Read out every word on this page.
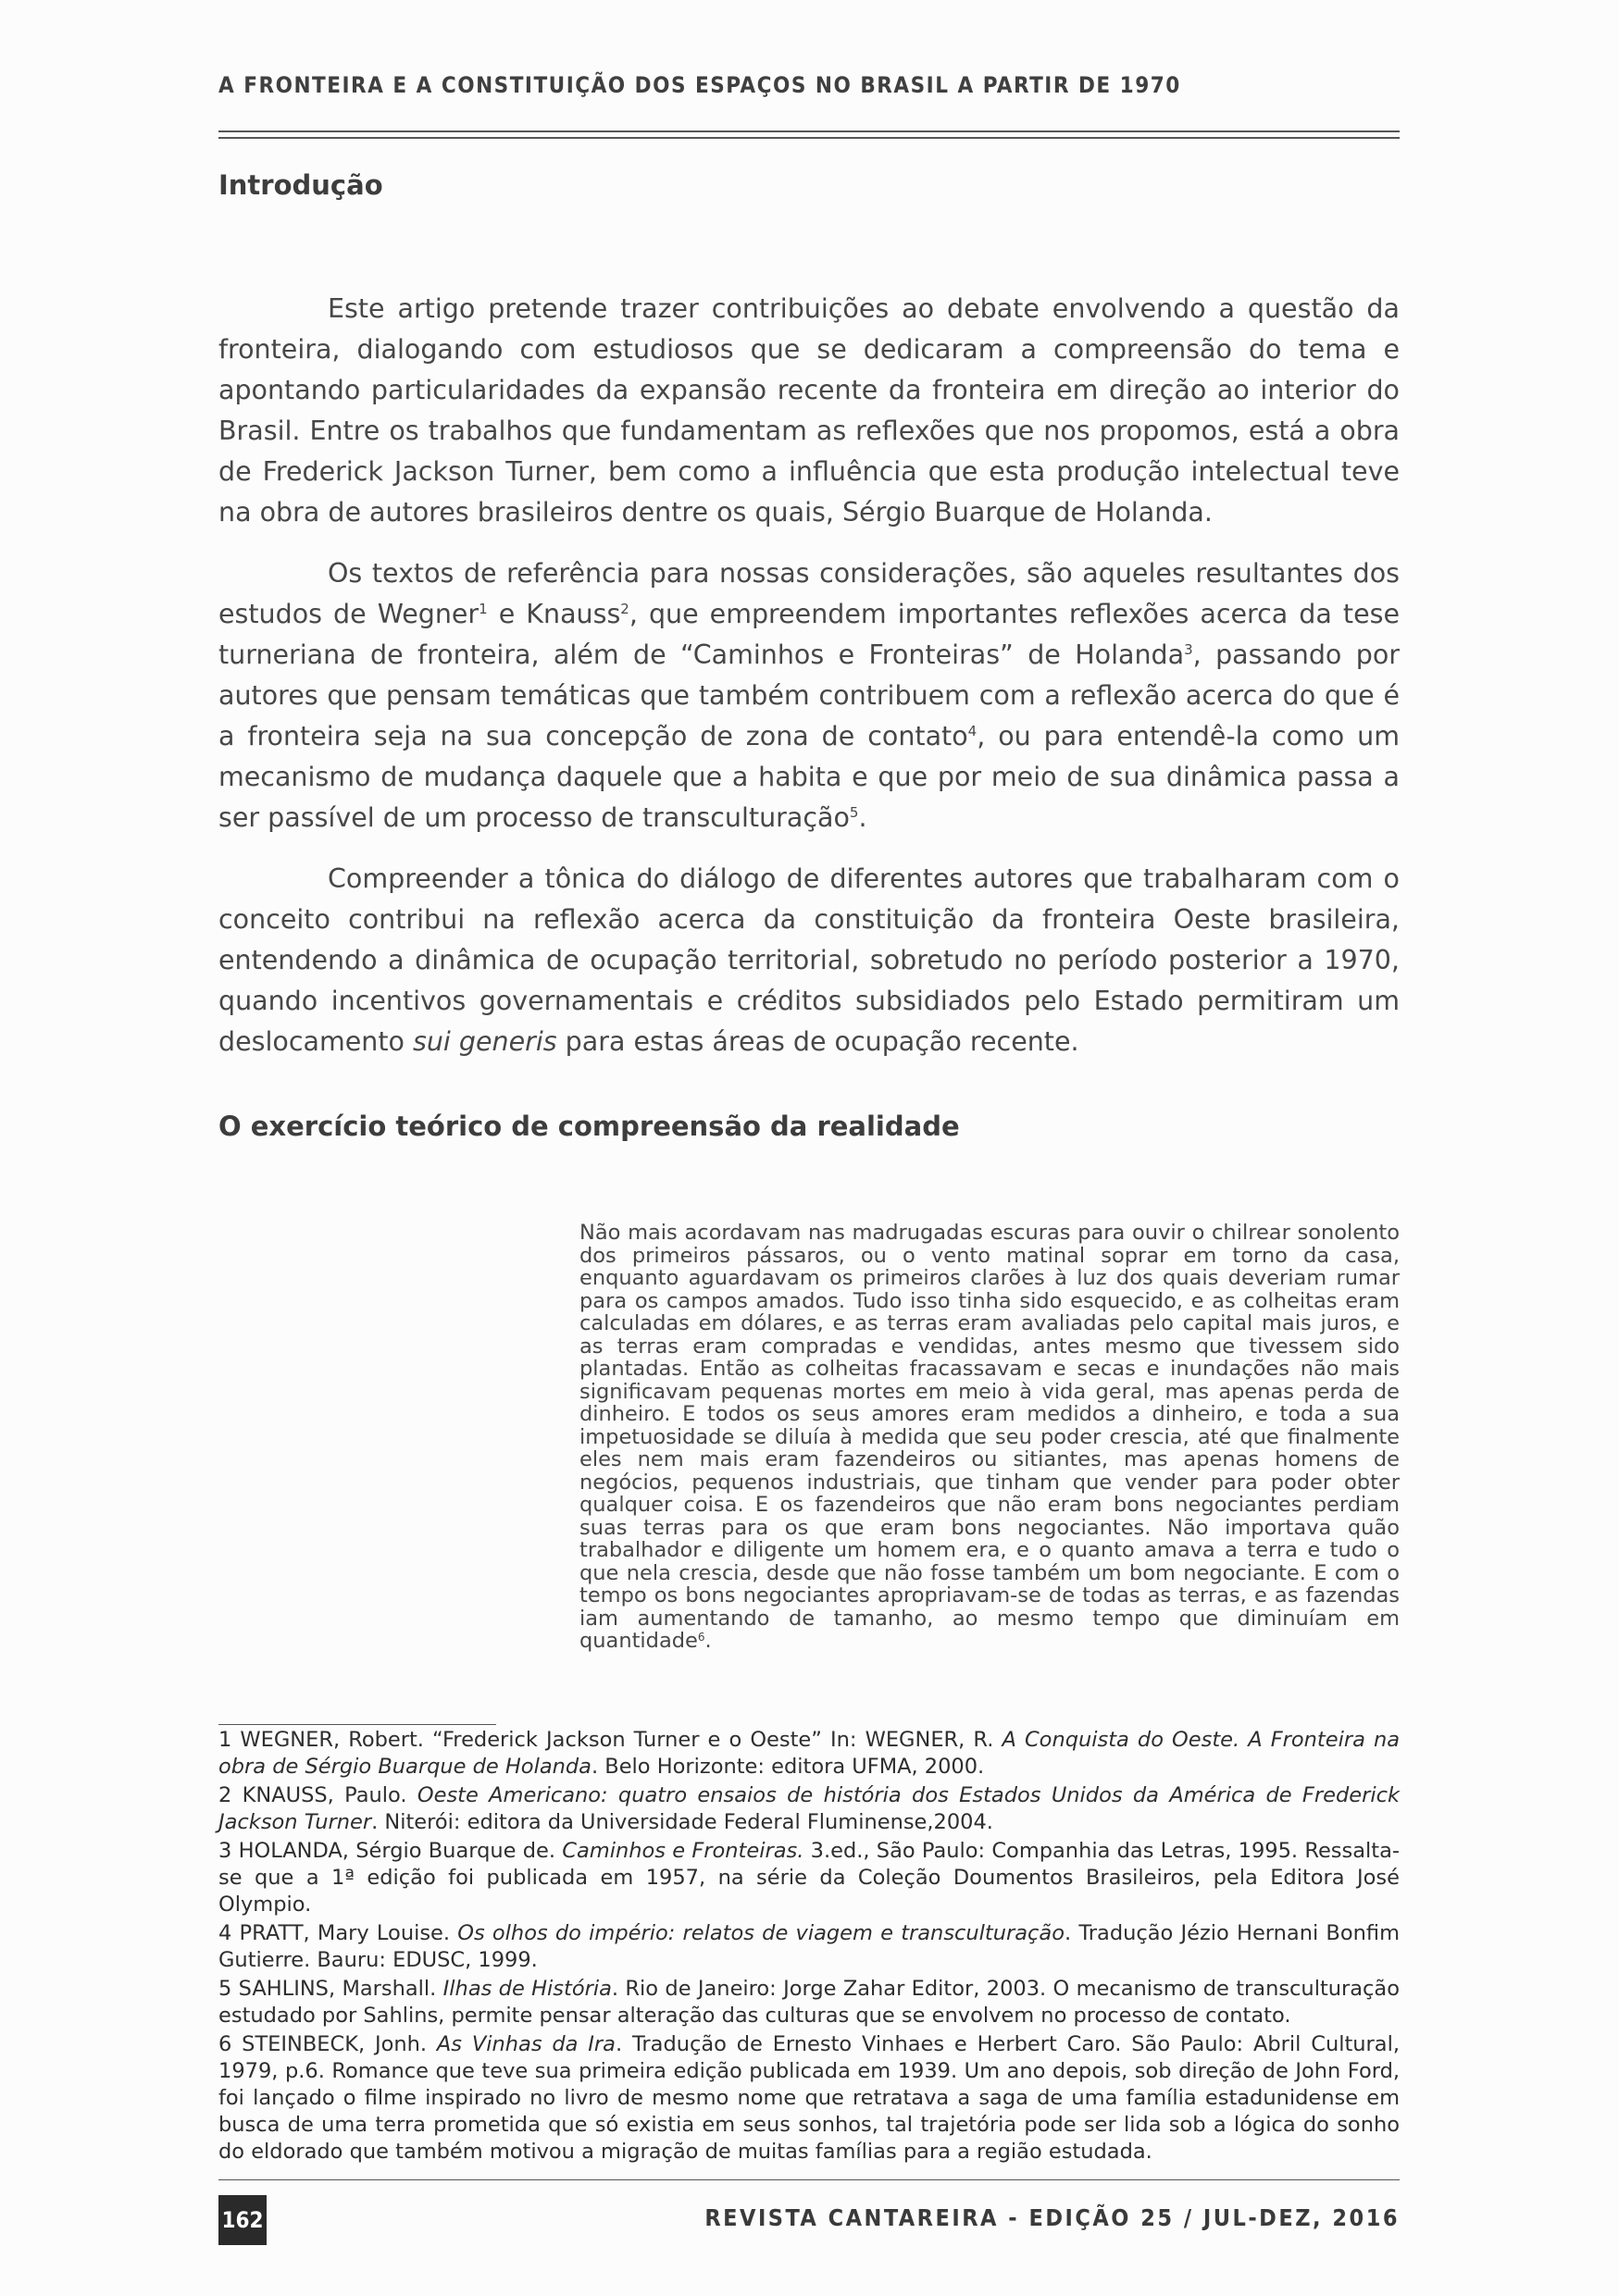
A FRONTEIRA E A CONSTITUIÇÃO DOS ESPAÇOS NO BRASIL A PARTIR DE 1970
Introdução

Este artigo pretende trazer contribuições ao debate envolvendo a questão da fronteira, dialogando com estudiosos que se dedicaram a compreensão do tema e apontando particularidades da expansão recente da fronteira em direção ao interior do Brasil. Entre os trabalhos que fundamentam as reflexões que nos propomos, está a obra de Frederick Jackson Turner, bem como a influência que esta produção intelectual teve na obra de autores brasileiros dentre os quais, Sérgio Buarque de Holanda.

Os textos de referência para nossas considerações, são aqueles resultantes dos estudos de Wegner$^1$ e Knauss$^2$, que empreendem importantes reflexões acerca da tese turneriana de fronteira, além de “Caminhos e Fronteiras” de Holanda$^3$, passando por autores que pensam temáticas que também contribuem com a reflexão acerca do que é a fronteira seja na sua concepção de zona de contato$^4$, ou para entendê-la como um mecanismo de mudança daquele que a habita e que por meio de sua dinâmica passa a ser passível de um processo de transculturação$^5$.

Compreender a tônica do diálogo de diferentes autores que trabalharam com o conceito contribui na reflexão acerca da constituição da fronteira Oeste brasileira, entendendo a dinâmica de ocupação territorial, sobretudo no período posterior a 1970, quando incentivos governamentais e créditos subsidiados pelo Estado permitiram um deslocamento sui generis para estas áreas de ocupação recente.

O exercício teórico de compreensão da realidade
Não mais acordavam nas madrugadas escuras para ouvir o chilrear sonolento dos primeiros pássaros, ou o vento matinal soprar em torno da casa, enquanto aguardavam os primeiros clarões à luz dos quais deveriam rumar para os campos amados. Tudo isso tinha sido esquecido, e as colheitas eram calculadas em dólares, e as terras eram avaliadas pelo capital mais juros, e as terras eram compradas e vendidas, antes mesmo que tivessem sido plantadas. Então as colheitas fracassavam e secas e inundações não mais significavam pequenas mortes em meio à vida geral, mas apenas perda de dinheiro. E todos os seus amores eram medidos a dinheiro, e toda a sua impetuosidade se diluía à medida que seu poder crescia, até que finalmente eles nem mais eram fazendeiros ou sitiantes, mas apenas homens de negócios, pequenos industriais, que tinham que vender para poder obter qualquer coisa. E os fazendeiros que não eram bons negociantes perdiam suas terras para os que eram bons negociantes. Não importava quão trabalhador e diligente um homem era, e o quanto amava a terra e tudo o que nela crescia, desde que não fosse também um bom negociante. E com o tempo os bons negociantes apropriavam-se de todas as terras, e as fazendas iam aumentando de tamanho, ao mesmo tempo que diminuíam em quantidade$^6$.
1 WEGNER, Robert. “Frederick Jackson Turner e o Oeste” In: WEGNER, R. A Conquista do Oeste. A Fronteira na obra de Sérgio Buarque de Holanda. Belo Horizonte: editora UFMA, 2000.
2 KNAUSS, Paulo. Oeste Americano: quatro ensaios de história dos Estados Unidos da América de Frederick Jackson Turner. Niterói: editora da Universidade Federal Fluminense,2004.
3 HOLANDA, Sérgio Buarque de. Caminhos e Fronteiras. 3.ed., São Paulo: Companhia das Letras, 1995. Ressalta-se que a 1ª edição foi publicada em 1957, na série da Coleção Doumentos Brasileiros, pela Editora José Olympio.
4 PRATT, Mary Louise. Os olhos do império: relatos de viagem e transculturação. Tradução Jézio Hernani Bonfim Gutierre. Bauru: EDUSC, 1999.
5 SAHLINS, Marshall. Ilhas de História. Rio de Janeiro: Jorge Zahar Editor, 2003. O mecanismo de transculturação estudado por Sahlins, permite pensar alteração das culturas que se envolvem no processo de contato.
6 STEINBECK, Jonh. As Vinhas da Ira. Tradução de Ernesto Vinhaes e Herbert Caro. São Paulo: Abril Cultural, 1979, p.6. Romance que teve sua primeira edição publicada em 1939. Um ano depois, sob direção de John Ford, foi lançado o filme inspirado no livro de mesmo nome que retratava a saga de uma família estadunidense em busca de uma terra prometida que só existia em seus sonhos, tal trajetória pode ser lida sob a lógica do sonho do eldorado que também motivou a migração de muitas famílias para a região estudada.
162	REVISTA CANTAREIRA - EDIÇÃO 25 / JUL-DEZ, 2016
